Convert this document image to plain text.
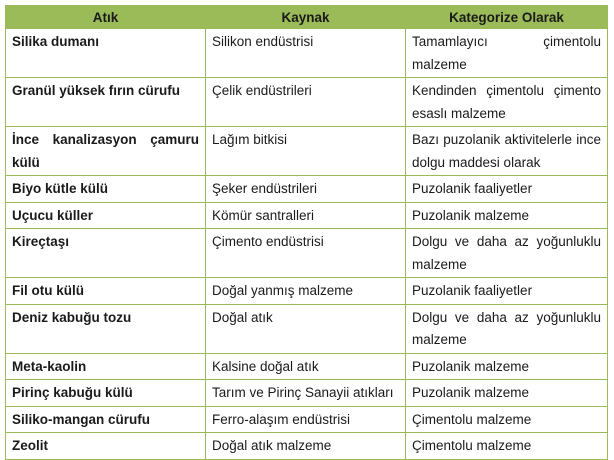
Atık	Kaynak	Kategorize Olarak
Silika dumanı	Silikon endüstrisi	Tamamlayıcı çimentolu malzeme
Granül yüksek fırın cürufu	Çelik endüstrileri	Kendinden çimentolu çimento esaslı malzeme
İnce kanalizasyon çamuru külü	Lağım bitkisi	Bazı puzolanik aktivitelerle ince dolgu maddesi olarak
Biyo kütle külü	Şeker endüstrileri	Puzolanik faaliyetler
Uçucu küller	Kömür santralleri	Puzolanik malzeme
Kireçtaşı	Çimento endüstrisi	Dolgu ve daha az yoğunluklu malzeme
Fil otu külü	Doğal yanmış malzeme	Puzolanik faaliyetler
Deniz kabuğu tozu	Doğal atık	Dolgu ve daha az yoğunluklu malzeme
Meta-kaolin	Kalsine doğal atık	Puzolanik malzeme
Pirinç kabuğu külü	Tarım ve Pirinç Sanayii atıkları	Puzolanik malzeme
Siliko-mangan cürufu	Ferro-alaşım endüstrisi	Çimentolu malzeme
Zeolit	Doğal atık malzeme	Çimentolu malzeme
